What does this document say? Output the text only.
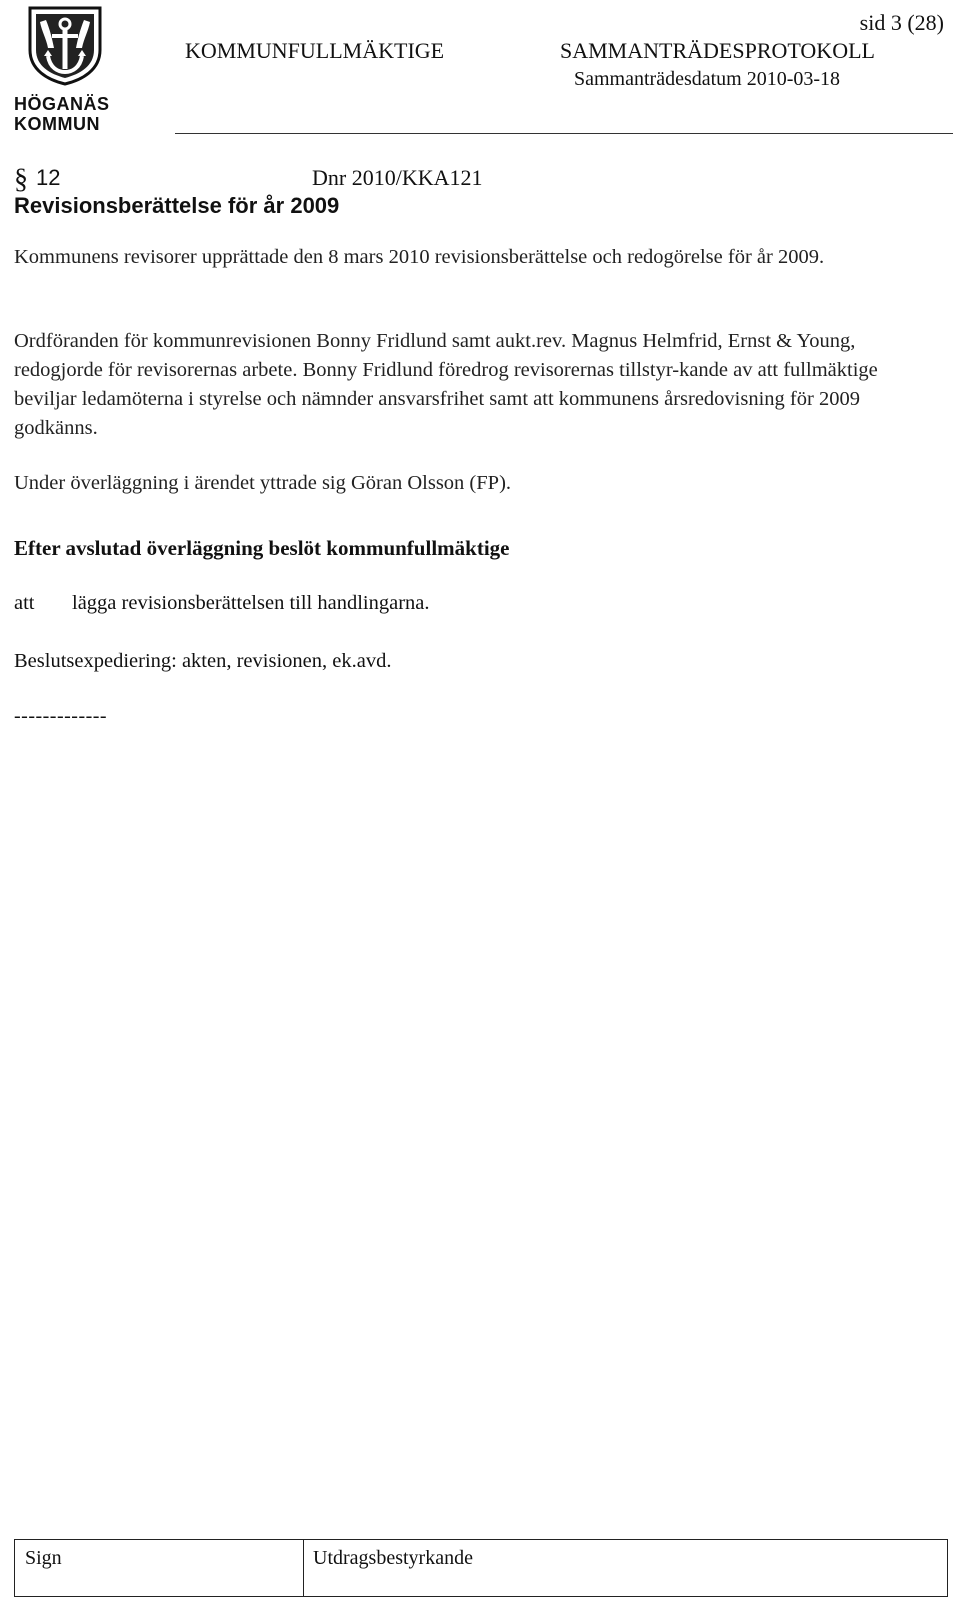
HÖGANÄS
KOMMUN
sid 3 (28)
KOMMUNFULLMÄKTIGE	SAMMANTRÄDESPROTOKOLL
Sammanträdesdatum 2010-03-18
§ 12	Dnr 2010/KKA121
Revisionsberättelse för år 2009

Kommunens revisorer upprättade den 8 mars 2010 revisionsberättelse och redogörelse för år 2009.

Ordföranden för kommunrevisionen Bonny Fridlund samt aukt.rev. Magnus Helmfrid, Ernst & Young, redogjorde för revisorernas arbete. Bonny Fridlund föredrog revisorernas tillstyr-kande av att fullmäktige beviljar ledamöterna i styrelse och nämnder ansvarsfrihet samt att kommunens årsredovisning för 2009 godkänns.

Under överläggning i ärendet yttrade sig Göran Olsson (FP).

Efter avslutad överläggning beslöt kommunfullmäktige
att lägga revisionsberättelsen till handlingarna.
Beslutsexpediering: akten, revisionen, ek.avd.
-------------
Sign	Utdragsbestyrkande
